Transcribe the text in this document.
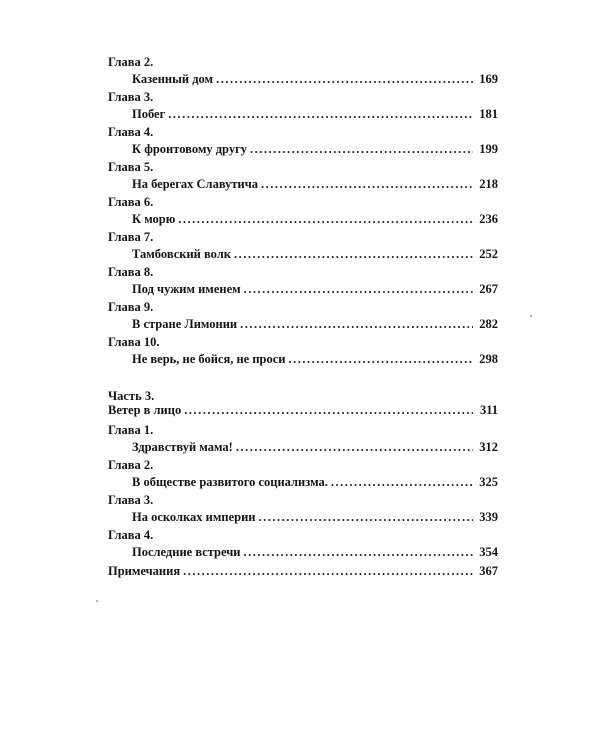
Глава 2.
Казенный дом .....	169
Глава 3.
Побег .....	181
Глава 4.
К фронтовому другу .....	199
Глава 5.
На берегах Славутича .....	218
Глава 6.
К морю .....	236
Глава 7.
Тамбовский волк .....	252
Глава 8.
Под чужим именем .....	267
Глава 9.
В стране Лимонии .....	282
Глава 10.
Не верь, не бойся, не проси .....	298
Часть 3.
Ветер в лицо .....	311
Глава 1.
Здравствуй мама! .....	312
Глава 2.
В обществе развитого социализма. .....	325
Глава 3.
На осколках империи .....	339
Глава 4.
Последние встречи .....	354
Примечания .....	367
